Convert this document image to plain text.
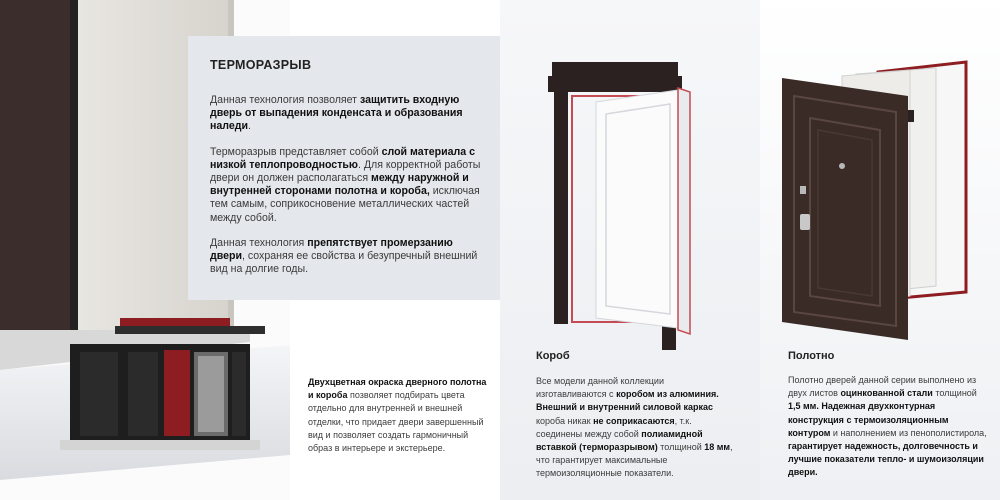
Двухцветная окраска дверного полотна и короба позволяет подбирать цвета отдельно для внутренней и внешней отделки, что придает двери завершенный вид и позволяет создать гармоничный образ в интерьере и экстерьере.
Короб
Все модели данной коллекции изготавливаются с коробом из алюминия. Внешний и внутренний силовой каркас короба никак не соприкасаются, т.к. соединены между собой полиамидной вставкой (терморазрывом) толщиной 18 мм, что гарантирует максимальные термоизоляционные показатели.
Полотно
Полотно дверей данной серии выполнено из двух листов оцинкованной стали толщиной 1,5 мм. Надежная двухконтурная конструкция с термоизоляционным контуром и наполнением из пенополистирола, гарантирует надежность, долговечность и лучшие показатели тепло- и шумоизоляции двери.
ТЕРМОРАЗРЫВ

Данная технология позволяет защитить входную дверь от выпадения конденсата и образования наледи.

Терморазрыв представляет собой слой материала с низкой теплопроводностью. Для корректной работы двери он должен располагаться между наружной и внутренней сторонами полотна и короба, исключая тем самым, соприкосновение металлических частей между собой.

Данная технология препятствует промерзанию двери, сохраняя ее свойства и безупречный внешний вид на долгие годы.
